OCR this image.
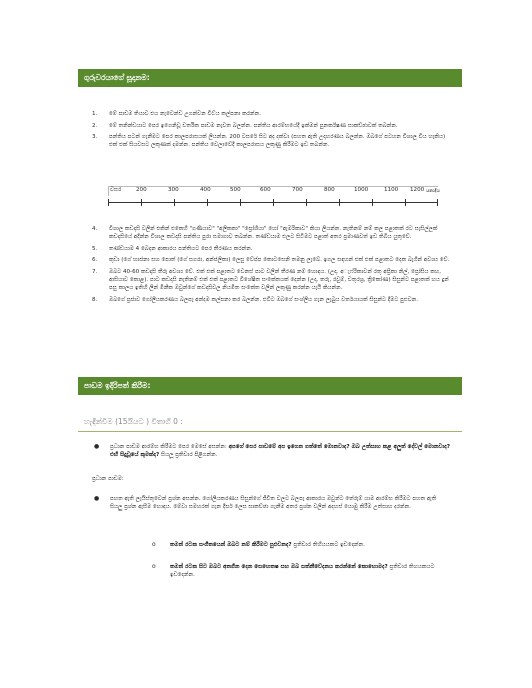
ගුරුවරයාගේ සූදානම:
1. මේ පාඩම තියාව එය නැවෙන්ඩ උගන්වන විට්ය කල්පනා කරන්න.
2. මේ තනින්ඩයාට පෙර ඉගෙනිවූ චර්තික පාඩම නැවත බලන්න. පන්තිය ආරම්භයේදී ඉක්මන් පුනර්ක්ෂණ සාකච්ඡාවක් තබන්න.
3. පන්තිය පටන් ගැනීමට පෙර කාලපරාසයක් ලියන්න. 200 වසරේ සිට අද දක්වා (පහත ඇති උදාහරණය බලන්න. ඔබගේ පටහන විශාල විය හැකිය) එක් එක් සියවසට ලකුණක් දමන්න. පන්තිය වෙලාවේදී කාලපරාසය ලකුණු කිරීමට ඉඩ තබන්න.
වසර	200	300	400	500	600	700	800	1000	1100 1200 යනාදිය
4. විශාල කඩදාසි වලින් එකින් එකෙහි "ගණියාව" "අලිකකා" "ප්‍රෝශියා" හෝ "ඇමරිකාව" කියා ලියන්න. නැතිනම් නම් කල පළාතක් රට සැසිල්ලක් කඩදාසියේ අදින්න විශාල කඩදාසි පන්තිය පුරා සමාගාව තබන්න. තණ්ඩයාම එලට සිටිමට පළාත් අතර ප්‍රමාණවත් ඉඩ තිබිය යුතුවේ.
5. තණ්ඩයාම 4 බෙදන ආකාරය පන්තියට පෙර තීරණය කරන්න.
6. කුඩා (ගේ භාජනා සහ පොත් (ගේ සගරා, අන්ජලිකා) ලෙසු වේප්ප කොටසෙනි තමනු ලැබේ. ඉගල සඳහන් එක් එක් පළාතට දෙක බැගින් අවශ්‍ය වේ.
7. ඔබට 40-60 කඩදාසි තීරු අවශ්‍ය වේ. එක් එක් පළාතට වෙනස් පාට වලින් තීරණ නම් හොඳය. (උදා. අැෆ්රිකාවන් රතු අප්‍රිකා නිල්, ප්‍රෝසිය කහ, ආසියාව කොළ). පාට කඩදාසි නැතිනම් එක් එක් පළාතට විශේෂිත සංකේතයක් දෙන්න (උදා. තරු, රවුම්, චතුරශ්‍ර, ත්‍රිකෝණ) සිසුන්ට පළාතක් හය දුන් පසු කාලය ඉතිහි ලින් මිනීක ඔවුන්ගේ කඩදාසිවල නියමිත සංකේත වලින් ලකුණු කරන්න යැයි කියන්න.
8. ඔබගේ ප්‍රජාව ගෝලීයකරණය බලපෑ අන්දම කල්පනා කර බලන්න. එවිට ඔබගේ සංශ්ලිය ගැන ලැබුය වර්තයායක් සිසුන්ට දීමට පුළුවන.
පාඩම ඉදිරිපත් කිරීම:
හැඳින්වීම (15යියට ) විතාගි 0 :
● ප්‍රධාන පාඩම ආරම්භ කිරීමට පෙර මෙසේ අසන්න: අපගේ පෙර පාඩමේ අප ඉගෙන ගත්තේ මොනවාද? ඔබ උත්සාහ කළ අලුත් දේවල් මොනවාද? එහි සිදුවූයේ කුමක්ද? සියලූ ප්‍රතිචාර පිළිගන්න.
ප්‍රධාන පාඩම:
● පහත ඇති ලැයිස්තුවෙන් ප්‍රශ්න අසන්න. ගෝලීයකරණය සිසුන්ගේ ජීවිත වලට බලපෑ ආකාරය ඔවුන්ට තේරුම් යාම ආරම්භ කිරීමට පහත ඇති සියලු ප්‍රශ්න ඇසීම හොඳය. මේවා සමහරක් ගැන දීර්ඝ ලෙස සාකච්ඡා ගැනීම අතර ප්‍රශ්න වලින් අදහස් යොමු කිරීම උත්සාහ දරන්න.
o	තමන් රටක සංගීතයෙන් ඔබට නම් කිරීමට පුළුවනද? ප්‍රතිචාර තිහියයකට ඉඩදෙන්න.
o	තමන් රටක සිට ඔබට අතගින දෙන සෙහෙතෂ සහ ඔබ සත්නීවේදනය කරන්නේ කොහොමද? ප්‍රතිචාර තිහයකයට ඉඩදෙන්න.
